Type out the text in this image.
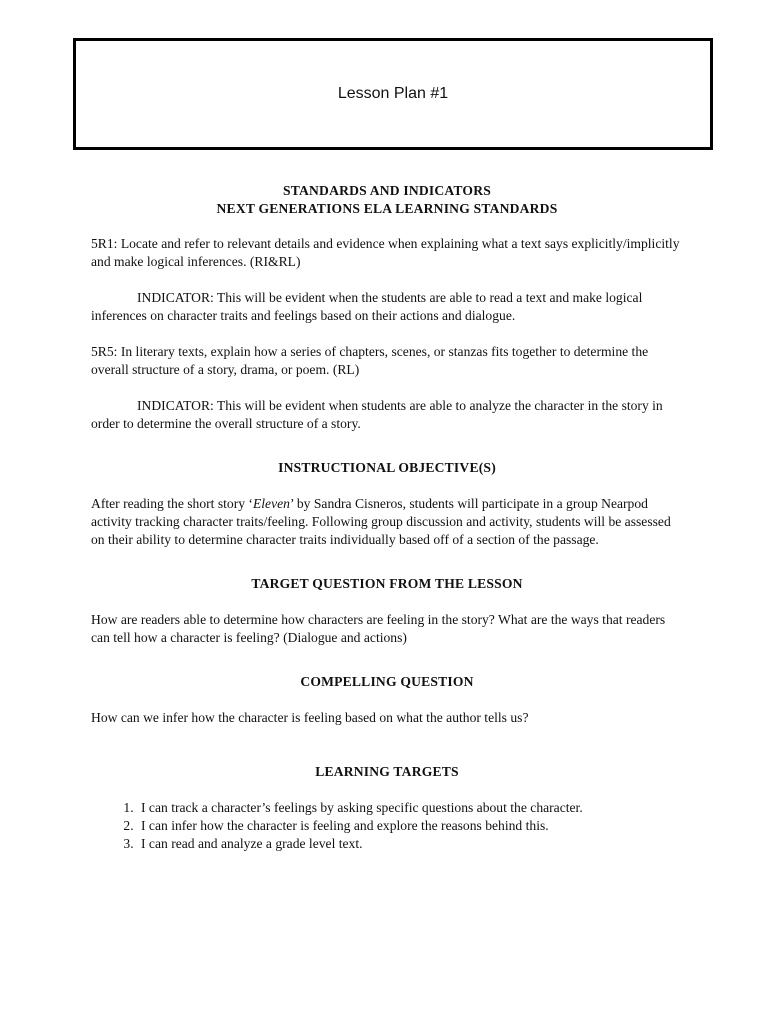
Lesson Plan #1
STANDARDS AND INDICATORS
NEXT GENERATIONS ELA LEARNING STANDARDS

5R1: Locate and refer to relevant details and evidence when explaining what a text says explicitly/implicitly and make logical inferences. (RI&RL)

INDICATOR: This will be evident when the students are able to read a text and make logical inferences on character traits and feelings based on their actions and dialogue.

5R5: In literary texts, explain how a series of chapters, scenes, or stanzas fits together to determine the overall structure of a story, drama, or poem. (RL)

INDICATOR: This will be evident when students are able to analyze the character in the story in order to determine the overall structure of a story.

INSTRUCTIONAL OBJECTIVE(S)

After reading the short story ‘Eleven’ by Sandra Cisneros, students will participate in a group Nearpod activity tracking character traits/feeling. Following group discussion and activity, students will be assessed on their ability to determine character traits individually based off of a section of the passage.

TARGET QUESTION FROM THE LESSON

How are readers able to determine how characters are feeling in the story? What are the ways that readers can tell how a character is feeling? (Dialogue and actions)

COMPELLING QUESTION

How can we infer how the character is feeling based on what the author tells us?

LEARNING TARGETS
1. I can track a character’s feelings by asking specific questions about the character.
2. I can infer how the character is feeling and explore the reasons behind this.
3. I can read and analyze a grade level text.
